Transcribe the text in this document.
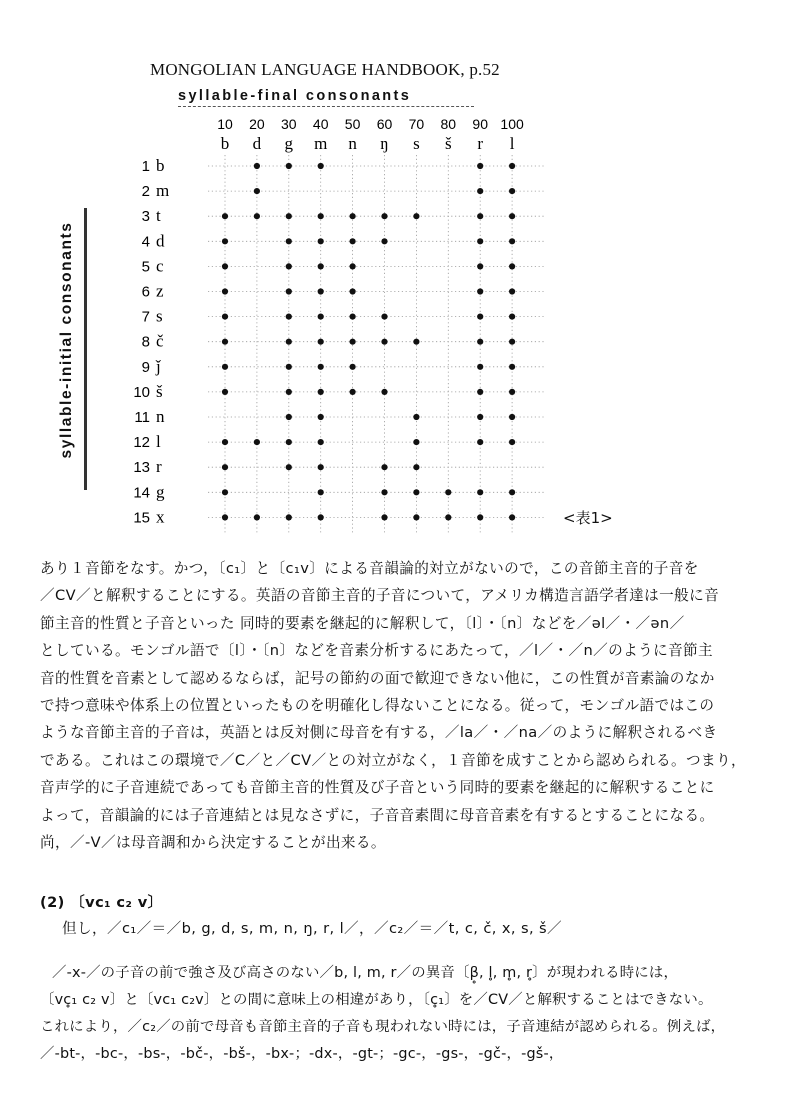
MONGOLIAN LANGUAGE HANDBOOK, p.52
syllable-final consonants
syllable-initial consonants
10
b
20
d
30
g
40
m
50
n
60
ŋ
70
s
80
š
90
r
100
l
1 b
2 m
3 t
4 d
5 c
6 z
7 s
8 č
9 ǰ
10 š
11 n
12 l
13 r
14 g
15 x	<表1>

あり１音節をなす。かつ，〔c₁〕と〔c₁v〕による音韻論的対立がないので，この音節主音的子音を

／CV／と解釈することにする。英語の音節主音的子音について，アメリカ構造言語学者達は一般に音

節主音的性質と子音といった 同時的要素を継起的に解釈して，〔l〕・〔n〕などを／əl／・／ən／

としている。モンゴル語で〔l〕・〔n〕などを音素分析するにあたって，／l／・／n／のように音節主

音的性質を音素として認めるならば，記号の節約の面で歓迎できない他に，この性質が音素論のなか

で持つ意味や体系上の位置といったものを明確化し得ないことになる。従って，モンゴル語ではこの

ような音節主音的子音は，英語とは反対側に母音を有する，／la／・／na／のように解釈されるべき

である。これはこの環境で／C／と／CV／との対立がなく，１音節を成すことから認められる。つまり，

音声学的に子音連続であっても音節主音的性質及び子音という同時的要素を継起的に解釈することに

よって，音韻論的には子音連結とは見なさずに，子音音素間に母音音素を有するとすることになる。

尚，／-V／は母音調和から決定することが出来る。

(2) 〔vc₁ c₂ v〕
但し，／c₁／＝／b, g, d, s, m, n, ŋ, r, l／，／c₂／＝／t, c, č, x, s, š／

／-x-／の子音の前で強さ及び高さのない／b, l, m, r／の異音〔β̥, l̥, m̥, r̥〕が現われる時には，

〔vc̥₁ c₂ v〕と〔vc₁ c₂v〕との間に意味上の相違があり，〔c̥₁〕を／CV／と解釈することはできない。

これにより，／c₂／の前で母音も音節主音的子音も現われない時には，子音連結が認められる。例えば，

／-bt-，-bc-，-bs-，-bč-，-bš-，-bx-；-dx-，-gt-；-gc-，-gs-，-gč-，-gš-，
